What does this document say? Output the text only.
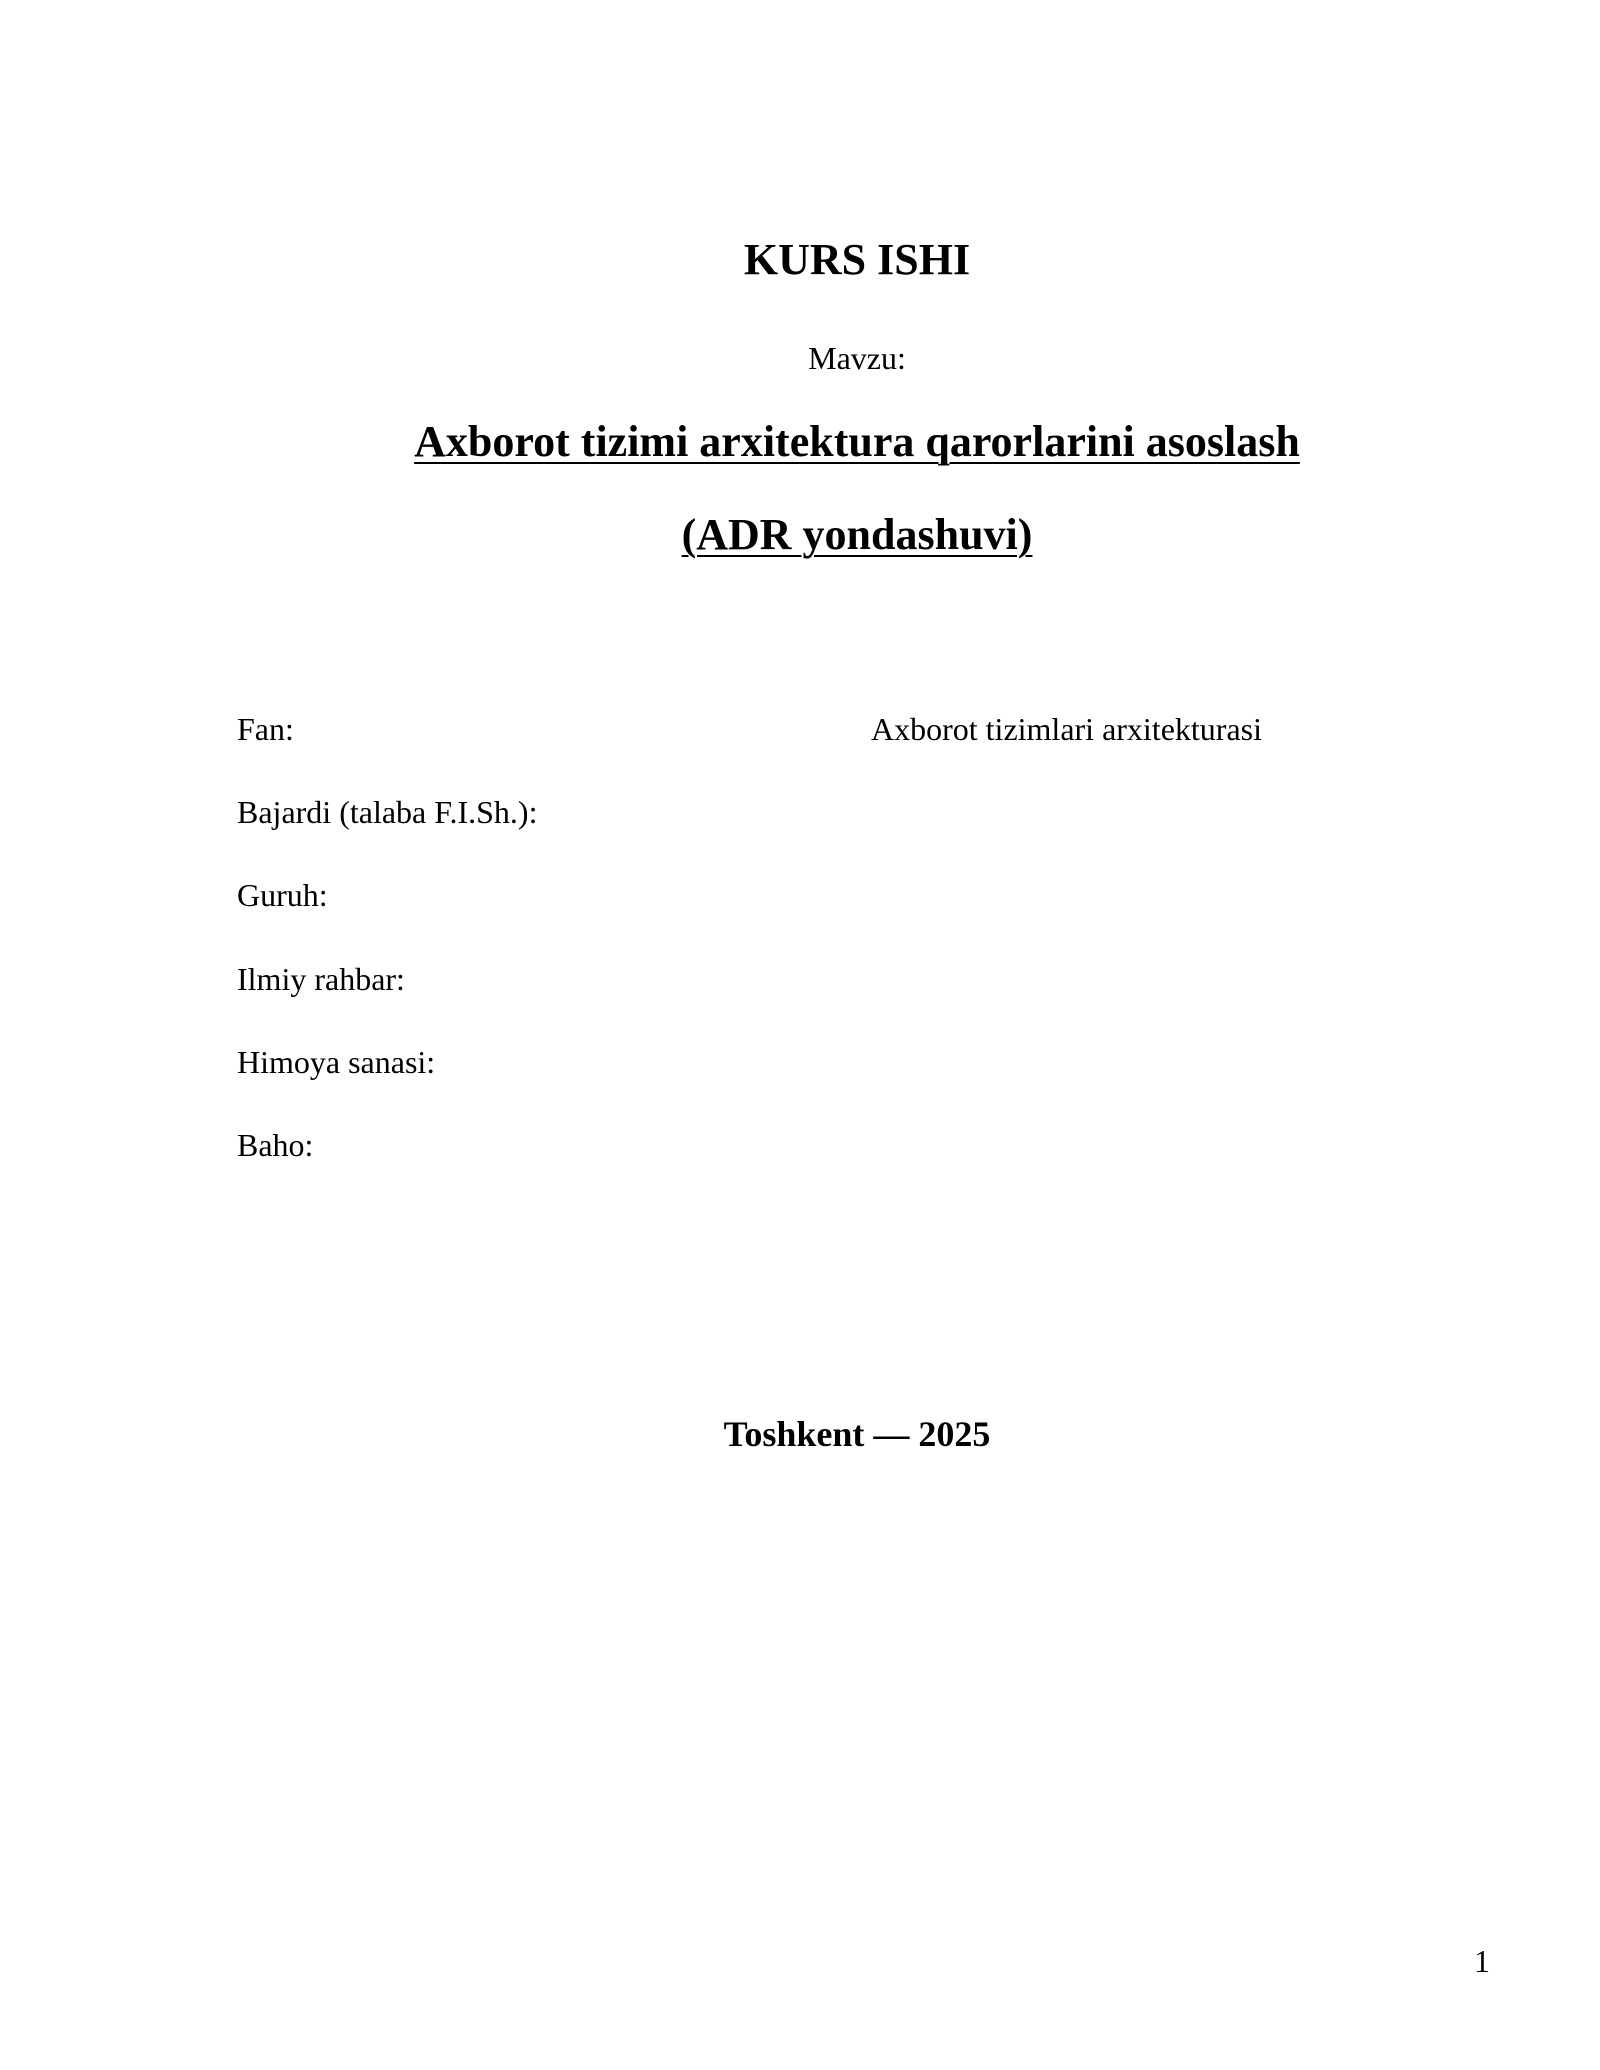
KURS ISHI
Mavzu:
Axborot tizimi arxitektura qarorlarini asoslash
(ADR yondashuvi)
Fan:	Axborot tizimlari arxitekturasi
Bajardi (talaba F.I.Sh.):
Guruh:
Ilmiy rahbar:
Himoya sanasi:
Baho:
Toshkent — 2025
1
